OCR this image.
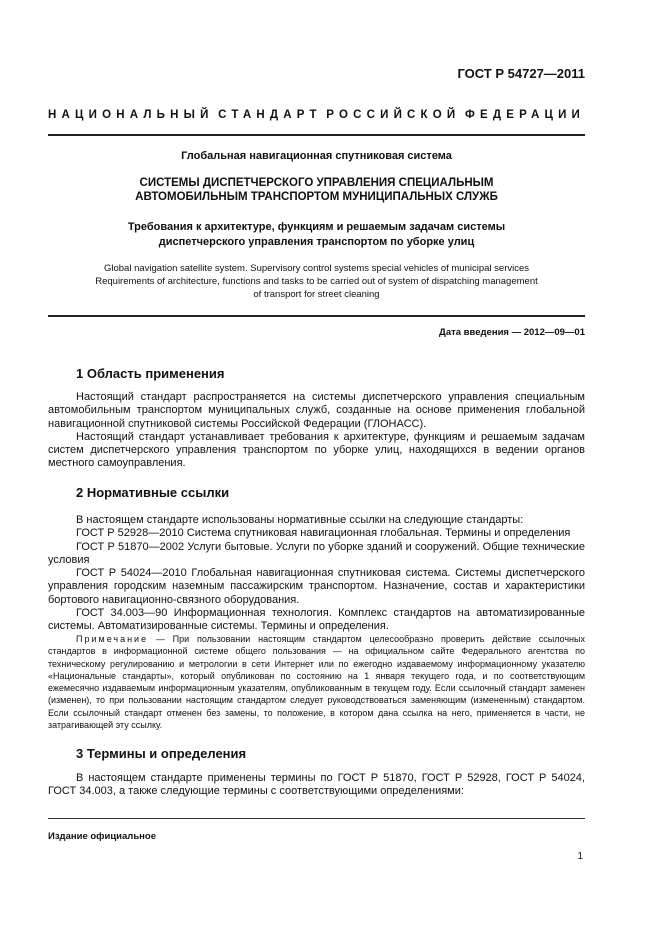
ГОСТ Р 54727—2011
НАЦИОНАЛЬНЫЙ СТАНДАРТ РОССИЙСКОЙ ФЕДЕРАЦИИ
Глобальная навигационная спутниковая система
СИСТЕМЫ ДИСПЕТЧЕРСКОГО УПРАВЛЕНИЯ СПЕЦИАЛЬНЫМ
АВТОМОБИЛЬНЫМ ТРАНСПОРТОМ МУНИЦИПАЛЬНЫХ СЛУЖБ
Требования к архитектуре, функциям и решаемым задачам системы
диспетчерского управления транспортом по уборке улиц
Global navigation satellite system. Supervisory control systems special vehicles of municipal services
Requirements of architecture, functions and tasks to be carried out of system of dispatching management
of transport for street cleaning
Дата введения — 2012—09—01
1 Область применения

Настоящий стандарт распространяется на системы диспетчерского управления специальным автомобильным транспортом муниципальных служб, созданные на основе применения глобальной навигационной спутниковой системы Российской Федерации (ГЛОНАСС).

Настоящий стандарт устанавливает требования к архитектуре, функциям и решаемым задачам систем диспетчерского управления транспортом по уборке улиц, находящихся в ведении органов местного самоуправления.

2 Нормативные ссылки

В настоящем стандарте использованы нормативные ссылки на следующие стандарты:

ГОСТ Р 52928—2010 Система спутниковая навигационная глобальная. Термины и определения

ГОСТ Р 51870—2002 Услуги бытовые. Услуги по уборке зданий и сооружений. Общие технические условия

ГОСТ Р 54024—2010 Глобальная навигационная спутниковая система. Системы диспетчерского управления городским наземным пассажирским транспортом. Назначение, состав и характеристики бортового навигационно-связного оборудования.

ГОСТ 34.003—90 Информационная технология. Комплекс стандартов на автоматизированные системы. Автоматизированные системы. Термины и определения.

Примечание — При пользовании настоящим стандартом целесообразно проверить действие ссылочных стандартов в информационной системе общего пользования — на официальном сайте Федерального агентства по техническому регулированию и метрологии в сети Интернет или по ежегодно издаваемому информационному указателю «Национальные стандарты», который опубликован по состоянию на 1 января текущего года, и по соответствующим ежемесячно издаваемым информационным указателям, опубликованным в текущем году. Если ссылочный стандарт заменен (изменен), то при пользовании настоящим стандартом следует руководствоваться заменяющим (измененным) стандартом. Если ссылочный стандарт отменен без замены, то положение, в котором дана ссылка на него, применяется в части, не затрагивающей эту ссылку.

3 Термины и определения

В настоящем стандарте применены термины по ГОСТ Р 51870, ГОСТ Р 52928, ГОСТ Р 54024, ГОСТ 34.003, а также следующие термины с соответствующими определениями:

Издание официальное
1
